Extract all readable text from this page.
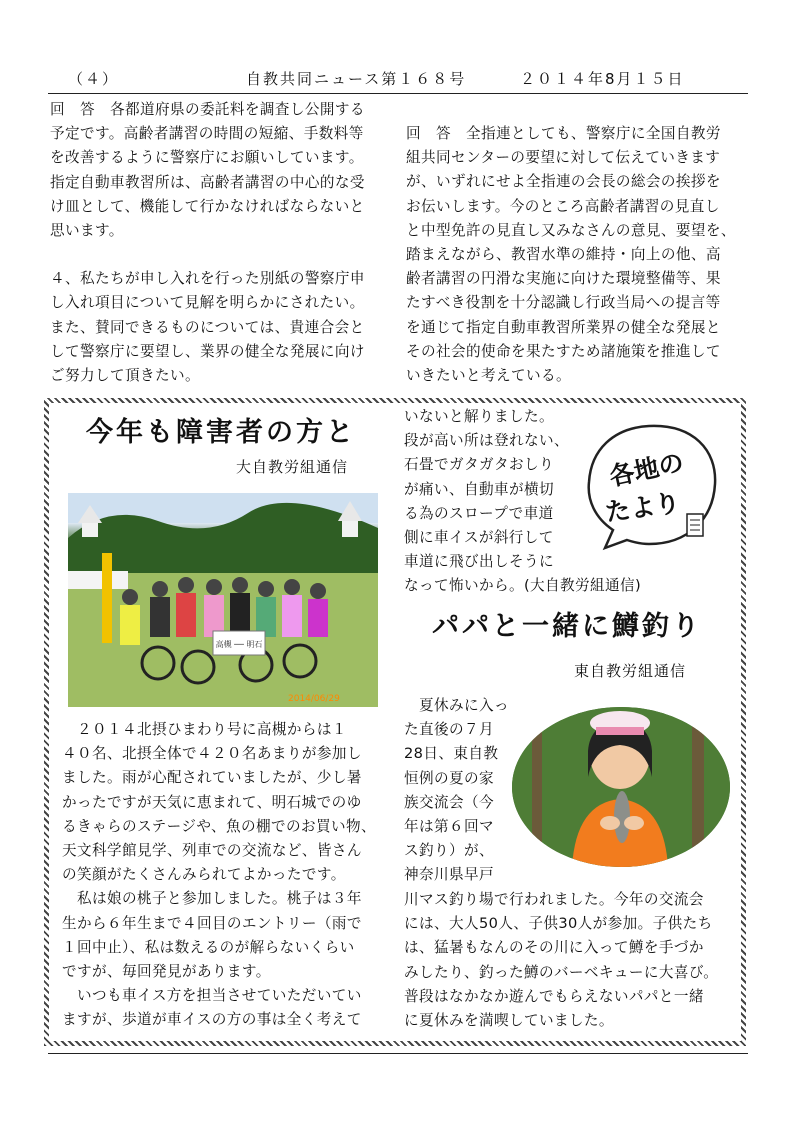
（４）	自教共同ニュース第１６８号	２０１４年8月１５日

回　答　各都道府県の委託料を調査し公開する

予定です。高齢者講習の時間の短縮、手数料等

を改善するように警察庁にお願いしています。

指定自動車教習所は、高齢者講習の中心的な受

け皿として、機能して行かなければならないと

思います。

４、私たちが申し入れを行った別紙の警察庁申

し入れ項目について見解を明らかにされたい。

また、賛同できるものについては、貴連合会と

して警察庁に要望し、業界の健全な発展に向け

ご努力して頂きたい。

回　答　全指連としても、警察庁に全国自教労

組共同センターの要望に対して伝えていきます

が、いずれにせよ全指連の会長の総会の挨拶を

お伝いします。今のところ高齢者講習の見直し

と中型免許の見直し又みなさんの意見、要望を、

踏まえながら、教習水準の維持・向上の他、高

齢者講習の円滑な実施に向けた環境整備等、果

たすべき役割を十分認識し行政当局への提言等

を通じて指定自動車教習所業界の健全な発展と

その社会的使命を果たすため諸施策を推進して

いきたいと考えている。

今年も障害者の方と
大自教労組通信
高槻 ── 明石
2014/06/29

　２０１４北摂ひまわり号に高槻からは１

４０名、北摂全体で４２０名あまりが参加し

ました。雨が心配されていましたが、少し暑

かったですが天気に恵まれて、明石城でのゆ

るきゃらのステージや、魚の棚でのお買い物、

天文科学館見学、列車での交流など、皆さん

の笑顔がたくさんみられてよかったです。

　私は娘の桃子と参加しました。桃子は３年

生から６年生まで４回目のエントリー（雨で

１回中止）、私は数えるのが解らないくらい

ですが、毎回発見があります。

　いつも車イス方を担当させていただいてい

ますが、歩道が車イスの方の事は全く考えて

いないと解りました。

段が高い所は登れない、

石畳でガタガタおしり

が痛い、自動車が横切

る為のスロープで車道

側に車イスが斜行して

車道に飛び出しそうに

なって怖いから。(大自教労組通信)

各地の
たより
パパと一緒に鱒釣り
東自教労組通信

　夏休みに入っ

た直後の７月

28日、東自教

恒例の夏の家

族交流会（今

年は第６回マ

ス釣り）が、

神奈川県早戸

川マス釣り場で行われました。今年の交流会

には、大人50人、子供30人が参加。子供たち

は、猛暑もなんのその川に入って鱒を手づか

みしたり、釣った鱒のバーベキューに大喜び。

普段はなかなか遊んでもらえないパパと一緒

に夏休みを満喫していました。
